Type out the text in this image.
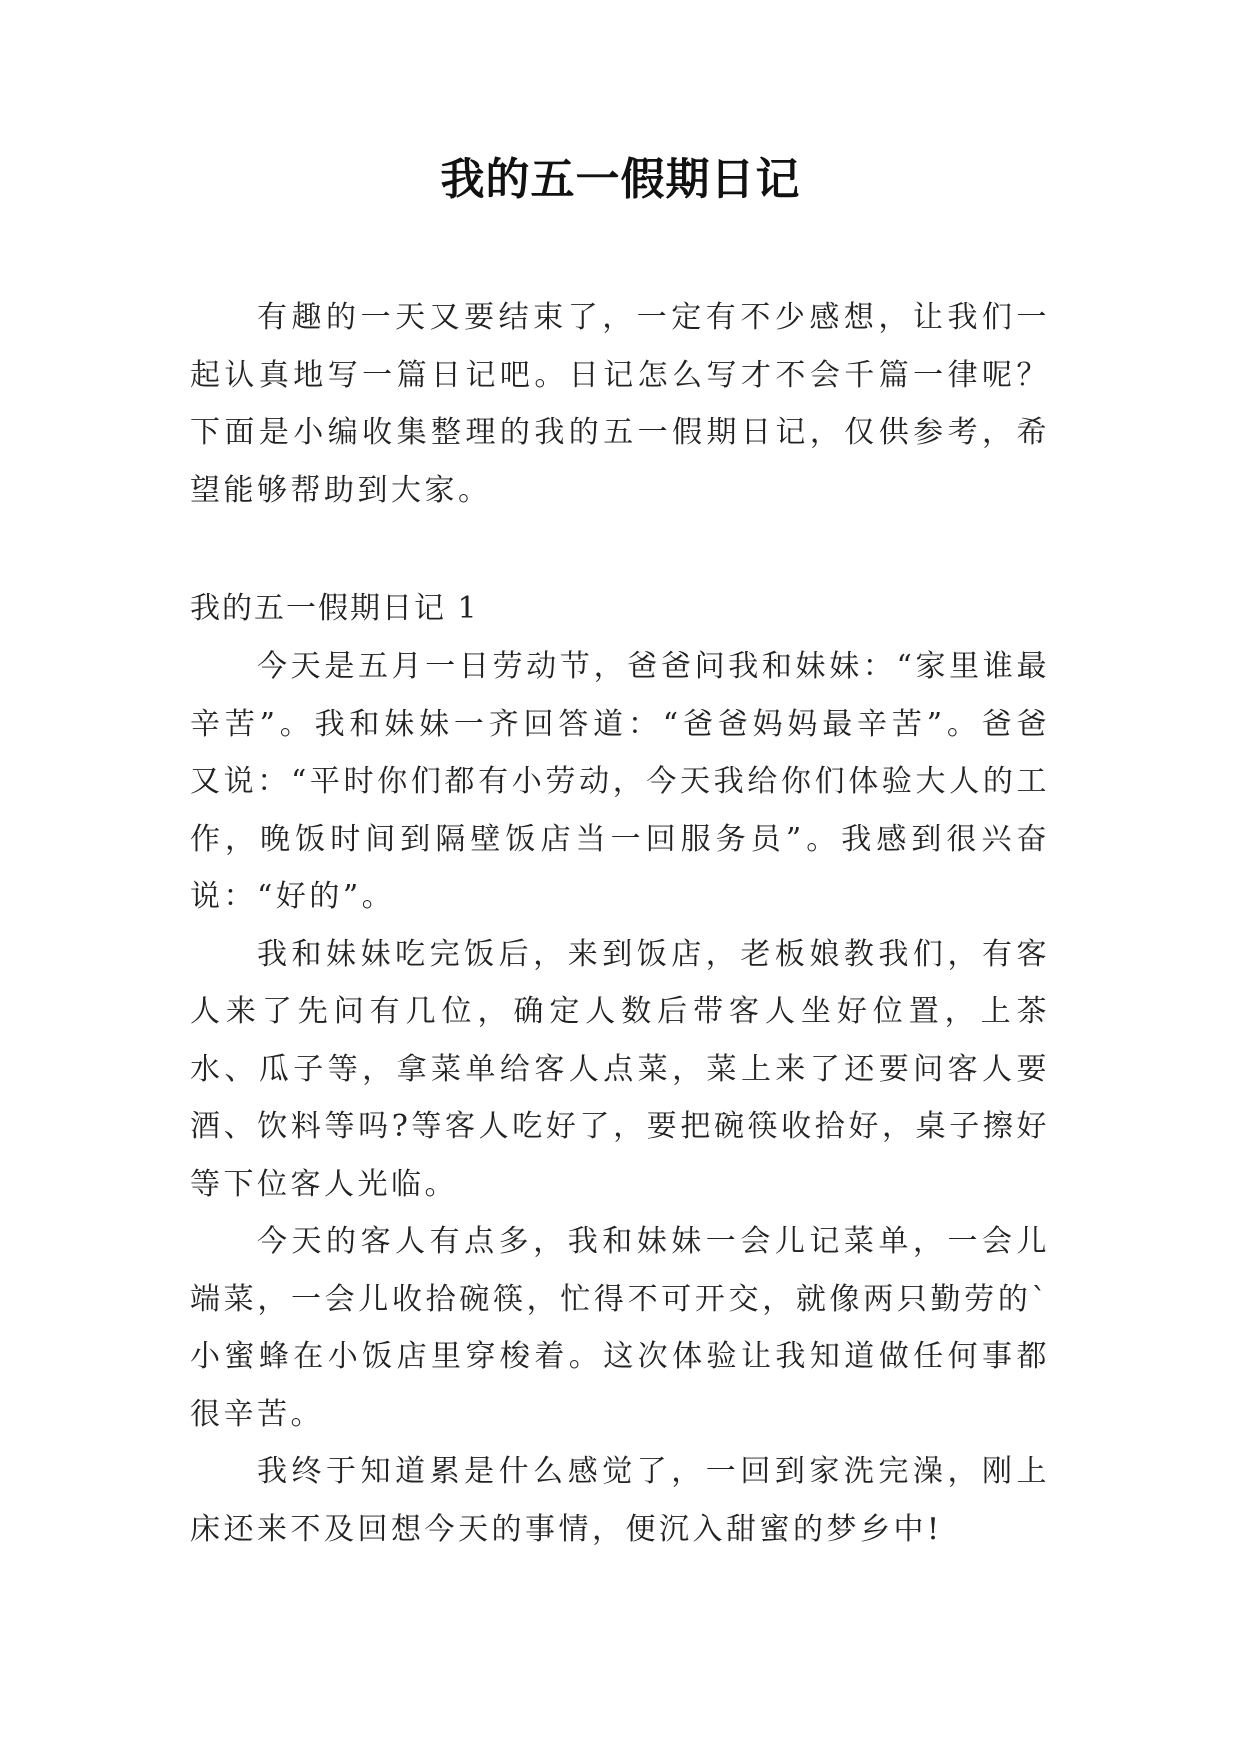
我的五一假期日记

有趣的一天又要结束了，一定有不少感想，让我们一起认真地写一篇日记吧。日记怎么写才不会千篇一律呢？下面是小编收集整理的我的五一假期日记，仅供参考，希望能够帮助到大家。

我的五一假期日记 1

今天是五月一日劳动节，爸爸问我和妹妹：“家里谁最辛苦”。我和妹妹一齐回答道：“爸爸妈妈最辛苦”。爸爸又说：“平时你们都有小劳动，今天我给你们体验大人的工作，晚饭时间到隔壁饭店当一回服务员”。我感到很兴奋说：“好的”。

我和妹妹吃完饭后，来到饭店，老板娘教我们，有客人来了先问有几位，确定人数后带客人坐好位置，上茶水、瓜子等，拿菜单给客人点菜，菜上来了还要问客人要酒、饮料等吗?等客人吃好了，要把碗筷收拾好，桌子擦好等下位客人光临。

今天的客人有点多，我和妹妹一会儿记菜单，一会儿端菜，一会儿收拾碗筷，忙得不可开交，就像两只勤劳的`小蜜蜂在小饭店里穿梭着。这次体验让我知道做任何事都很辛苦。

我终于知道累是什么感觉了，一回到家洗完澡，刚上床还来不及回想今天的事情，便沉入甜蜜的梦乡中!
